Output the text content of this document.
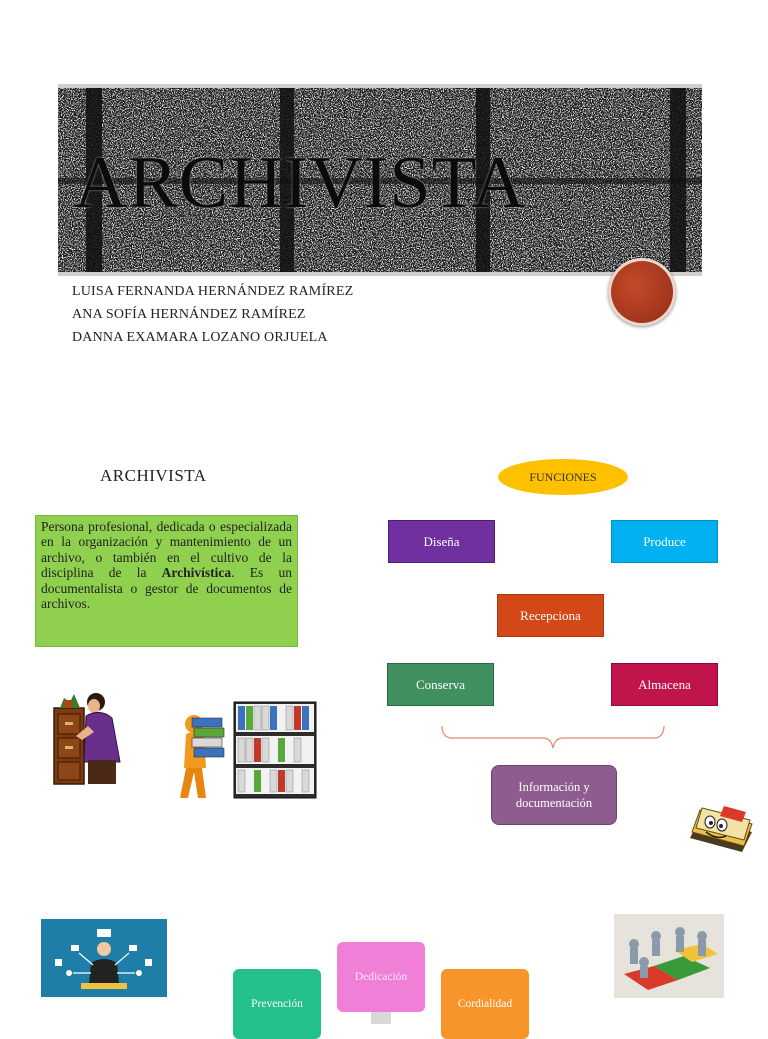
ARCHIVISTA
LUISA FERNANDA HERNÁNDEZ RAMÍREZ
ANA SOFÍA HERNÁNDEZ RAMÍREZ
DANNA EXAMARA LOZANO ORJUELA
ARCHIVISTA
Persona profesional, dedicada o especializada en la organización y mantenimiento de un archivo, o también en el cultivo de la disciplina de la Archivística. Es un documentalista o gestor de documentos de archivos.
FUNCIONES
Diseña	Produce
Recepciona
Conserva	Almacena
Información y documentación
Dedicación
Prevención	Cordialidad
